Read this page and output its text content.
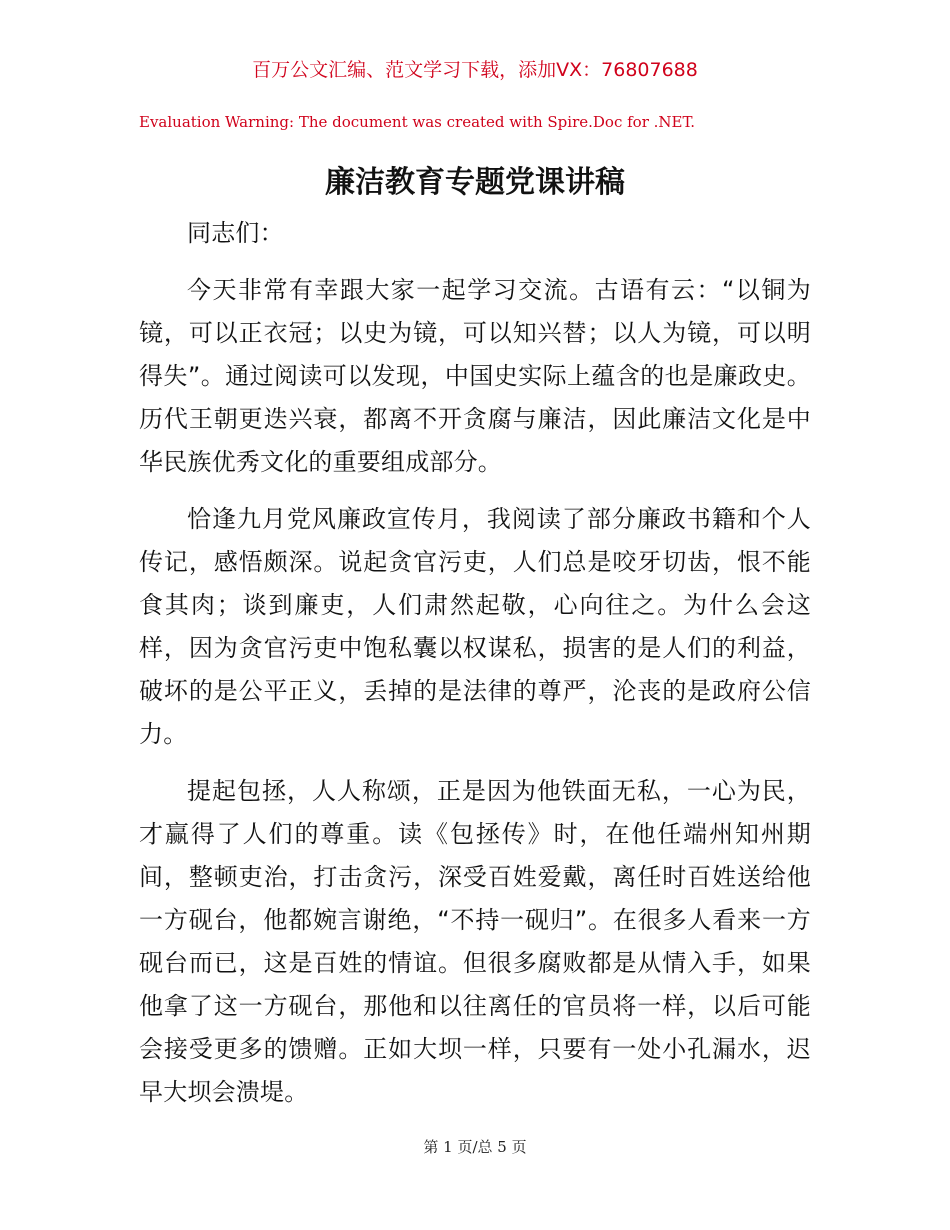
百万公文汇编、范文学习下载，添加VX：76807688
Evaluation Warning: The document was created with Spire.Doc for .NET.
廉洁教育专题党课讲稿

同志们：

今天非常有幸跟大家一起学习交流。古语有云：“以铜为镜，可以正衣冠；以史为镜，可以知兴替；以人为镜，可以明得失”。通过阅读可以发现，中国史实际上蕴含的也是廉政史。历代王朝更迭兴衰，都离不开贪腐与廉洁，因此廉洁文化是中华民族优秀文化的重要组成部分。

恰逢九月党风廉政宣传月，我阅读了部分廉政书籍和个人传记，感悟颇深。说起贪官污吏，人们总是咬牙切齿，恨不能食其肉；谈到廉吏，人们肃然起敬，心向往之。为什么会这样，因为贪官污吏中饱私囊以权谋私，损害的是人们的利益，破坏的是公平正义，丢掉的是法律的尊严，沦丧的是政府公信力。

提起包拯，人人称颂，正是因为他铁面无私，一心为民，才赢得了人们的尊重。读《包拯传》时，在他任端州知州期间，整顿吏治，打击贪污，深受百姓爱戴，离任时百姓送给他一方砚台，他都婉言谢绝，“不持一砚归”。在很多人看来一方砚台而已，这是百姓的情谊。但很多腐败都是从情入手，如果他拿了这一方砚台，那他和以往离任的官员将一样，以后可能会接受更多的馈赠。正如大坝一样，只要有一处小孔漏水，迟早大坝会溃堤。

第 1 页/总 5 页
